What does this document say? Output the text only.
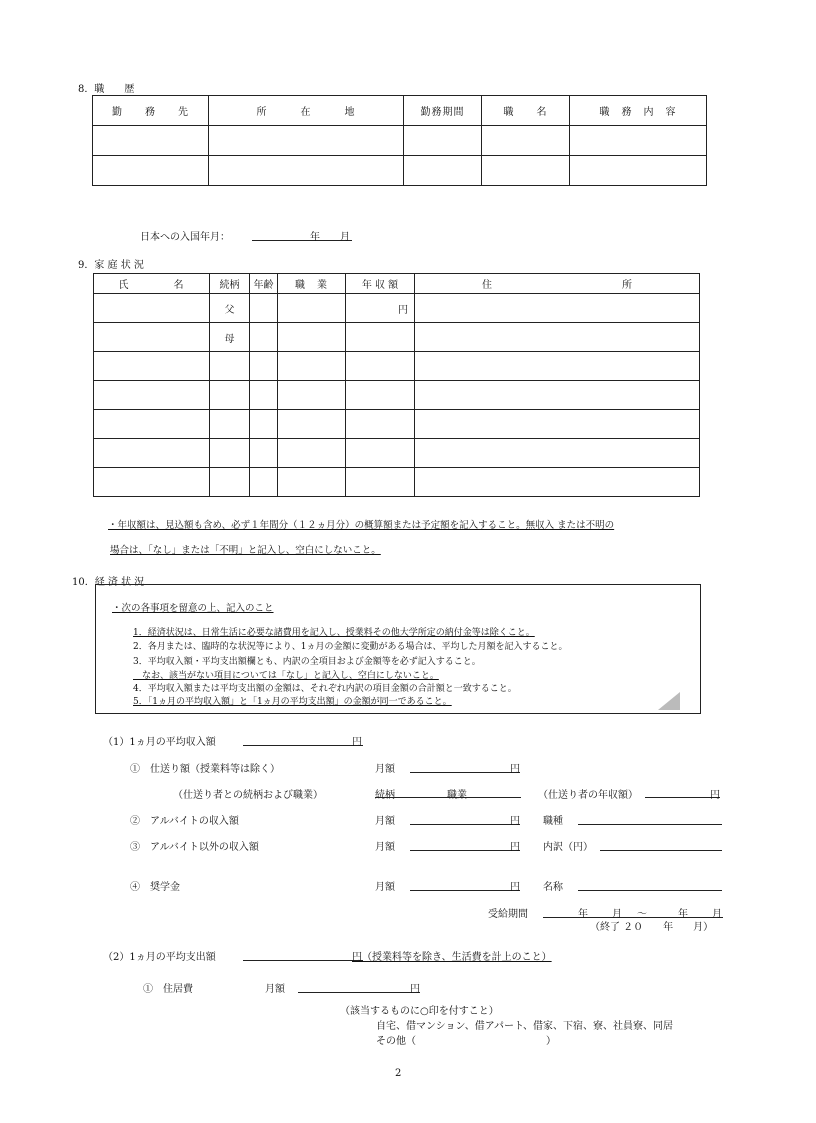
8．職　　歴
勤　　務　　先	所　　　在　　　地	勤務期間	職　　名	職　務　内　容

日本への入国年月：	年 月
9．家 庭 状 況
氏　　　　名	続柄	年齢	職　業	年 収 額	住　　　　　　　　　　　　　所
	父			円	
	母				

・年収額は、見込額も含め、必ず１年間分（１２ヵ月分）の概算額または予定額を記入すること。無収入 または不明の
場合は、「なし」または「不明」と記入し、空白にしないこと。
10．経 済 状 況
・次の各事項を留意の上、記入のこと
1．経済状況は、日常生活に必要な諸費用を記入し、授業料その他大学所定の納付金等は除くこと。
2．各月または、臨時的な状況等により、1ヵ月の金額に変動がある場合は、平均した月額を記入すること。
3．平均収入額・平均支出額欄とも、内訳の全項目および金額等を必ず記入すること。
　なお、該当がない項目については「なし」と記入し、空白にしないこと。
4．平均収入額または平均支出額の金額は、それぞれ内訳の項目金額の合計額と一致すること。
5．「1ヵ月の平均収入額」と「1ヵ月の平均支出額」の金額が同一であること。
（1）1ヵ月の平均収入額	円
①　仕送り額（授業料等は除く）	月額	円
（仕送り者との続柄および職業）	続柄	職業	（仕送り者の年収額）	円
②　アルバイトの収入額	月額	円 職種
③　アルバイト以外の収入額	月額	円 内訳（円）
④　奨学金	月額	円 名称
受給期間	年 月 ～	年 月
（終了 ２０　　年　　月）
（2）1ヵ月の平均支出額	円（授業料等を除き、生活費を計上のこと）
①　住居費	月額	円
（該当するものに○印を付すこと）
自宅、借マンション、借アパート、借家、下宿、寮、社員寮、同居
その他（　　　　　　　　　　　　　）
2
